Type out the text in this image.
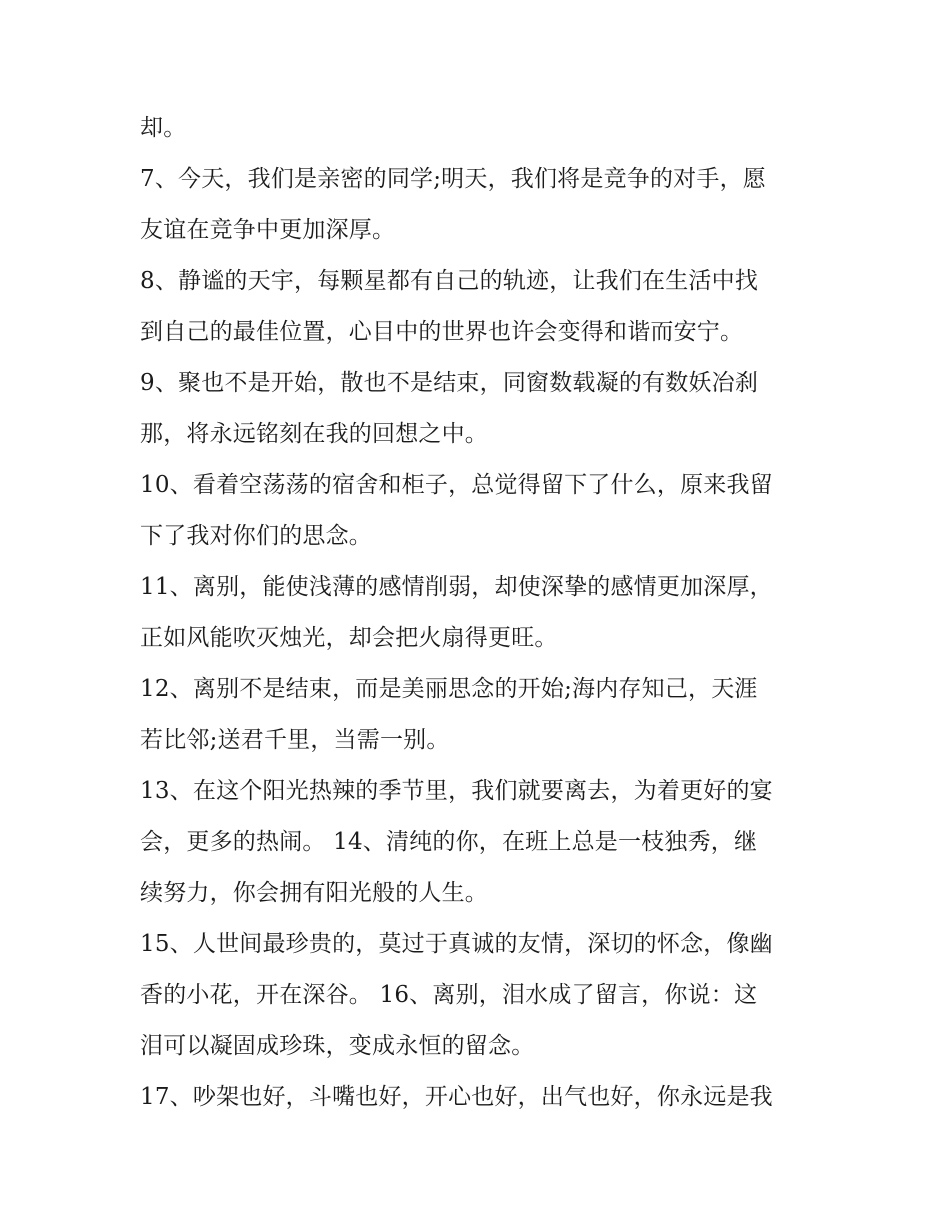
却。
7、今天，我们是亲密的同学;明天，我们将是竞争的对手，愿
友谊在竞争中更加深厚。
8、静谧的天宇，每颗星都有自己的轨迹，让我们在生活中找
到自己的最佳位置，心目中的世界也许会变得和谐而安宁。
9、聚也不是开始，散也不是结束，同窗数载凝的有数妖冶刹
那，将永远铭刻在我的回想之中。
10、看着空荡荡的宿舍和柜子，总觉得留下了什么，原来我留
下了我对你们的思念。
11、离别，能使浅薄的感情削弱，却使深挚的感情更加深厚，
正如风能吹灭烛光，却会把火扇得更旺。
12、离别不是结束，而是美丽思念的开始;海内存知己，天涯
若比邻;送君千里，当需一别。
13、在这个阳光热辣的季节里，我们就要离去，为着更好的宴
会，更多的热闹。 14、清纯的你，在班上总是一枝独秀，继
续努力，你会拥有阳光般的人生。
15、人世间最珍贵的，莫过于真诚的友情，深切的怀念，像幽
香的小花，开在深谷。 16、离别，泪水成了留言，你说：这
泪可以凝固成珍珠，变成永恒的留念。
17、吵架也好，斗嘴也好，开心也好，出气也好，你永远是我
